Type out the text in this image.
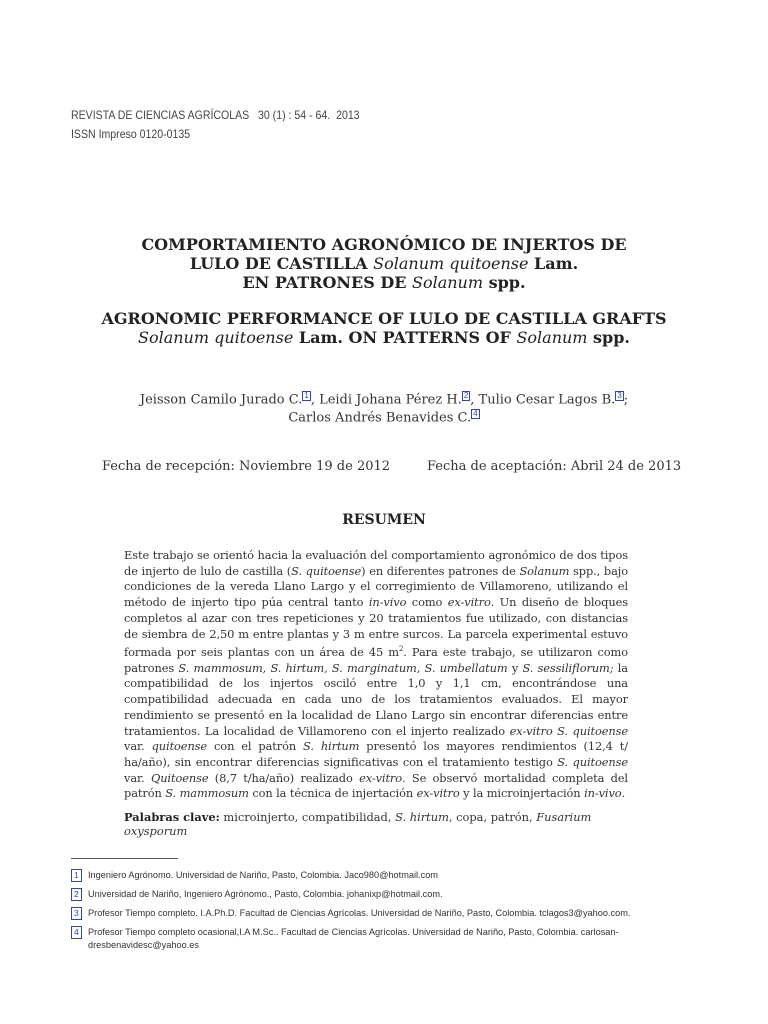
REVISTA DE CIENCIAS AGRÍCOLAS   30 (1) : 54 - 64.  2013
ISSN Impreso 0120-0135
COMPORTAMIENTO AGRONÓMICO DE INJERTOS DE
LULO DE CASTILLA Solanum quitoense Lam.
EN PATRONES DE Solanum spp.
AGRONOMIC PERFORMANCE OF LULO DE CASTILLA GRAFTS
Solanum quitoense Lam. ON PATTERNS OF Solanum spp.
Jeisson Camilo Jurado C. 1 , Leidi Johana Pérez H. 2 , Tulio Cesar Lagos B. 3 ;
Carlos Andrés Benavides C. 4
Fecha de recepción: Noviembre 19 de 2012	Fecha de aceptación: Abril 24 de 2013
RESUMEN
Este trabajo se orientó hacia la evaluación del comportamiento agronómico de dos tipos de injerto de lulo de castilla (S. quitoense) en diferentes patrones de Solanum spp., bajo condiciones de la vereda Llano Largo y el corregimiento de Villamoreno, utilizando el método de injerto tipo púa central tanto in-vivo como ex-vitro. Un diseño de bloques completos al azar con tres repeticiones y 20 tratamientos fue utilizado, con distancias de siembra de 2,50 m entre plantas y 3 m entre surcos. La parcela experimental estuvo formada por seis plantas con un área de 45 $m^2$. Para este trabajo, se utilizaron como patrones S. mammosum, S. hirtum, S. marginatum, S. umbellatum y S. sessiliflorum; la compatibilidad de los injertos osciló entre 1,0 y 1,1 cm, encontrándose una compatibilidad adecuada en cada uno de los tratamientos evaluados. El mayor rendimiento se presentó en la localidad de Llano Largo sin encontrar diferencias entre tratamientos. La localidad de Villamoreno con el injerto realizado ex-vitro S. quitoense var. quitoense con el patrón S. hirtum presentó los mayores rendimientos (12,4 t/ ha/año), sin encontrar diferencias significativas con el tratamiento testigo S. quitoense var. Quitoense (8,7 t/ha/año) realizado ex-vitro. Se observó mortalidad completa del patrón S. mammosum con la técnica de injertación ex-vitro y la microinjertación in-vivo.
Palabras clave: microinjerto, compatibilidad, S. hirtum, copa, patrón, Fusarium oxysporum
1	Ingeniero Agrónomo. Universidad de Nariño, Pasto, Colombia. Jaco980@hotmail.com
2	Universidad de Nariño, Ingeniero Agrónomo., Pasto, Colombia. johanixp@hotmail.com.
3	Profesor Tiempo completo. I.A.Ph.D. Facultad de Ciencias Agrícolas. Universidad de Nariño, Pasto, Colombia. tclagos3@yahoo.com.
4	Profesor Tiempo completo ocasional,I.A M.Sc.. Facultad de Ciencias Agrícolas. Universidad de Nariño, Pasto, Colombia. carlosan-
dresbenavidesc@yahoo.es
